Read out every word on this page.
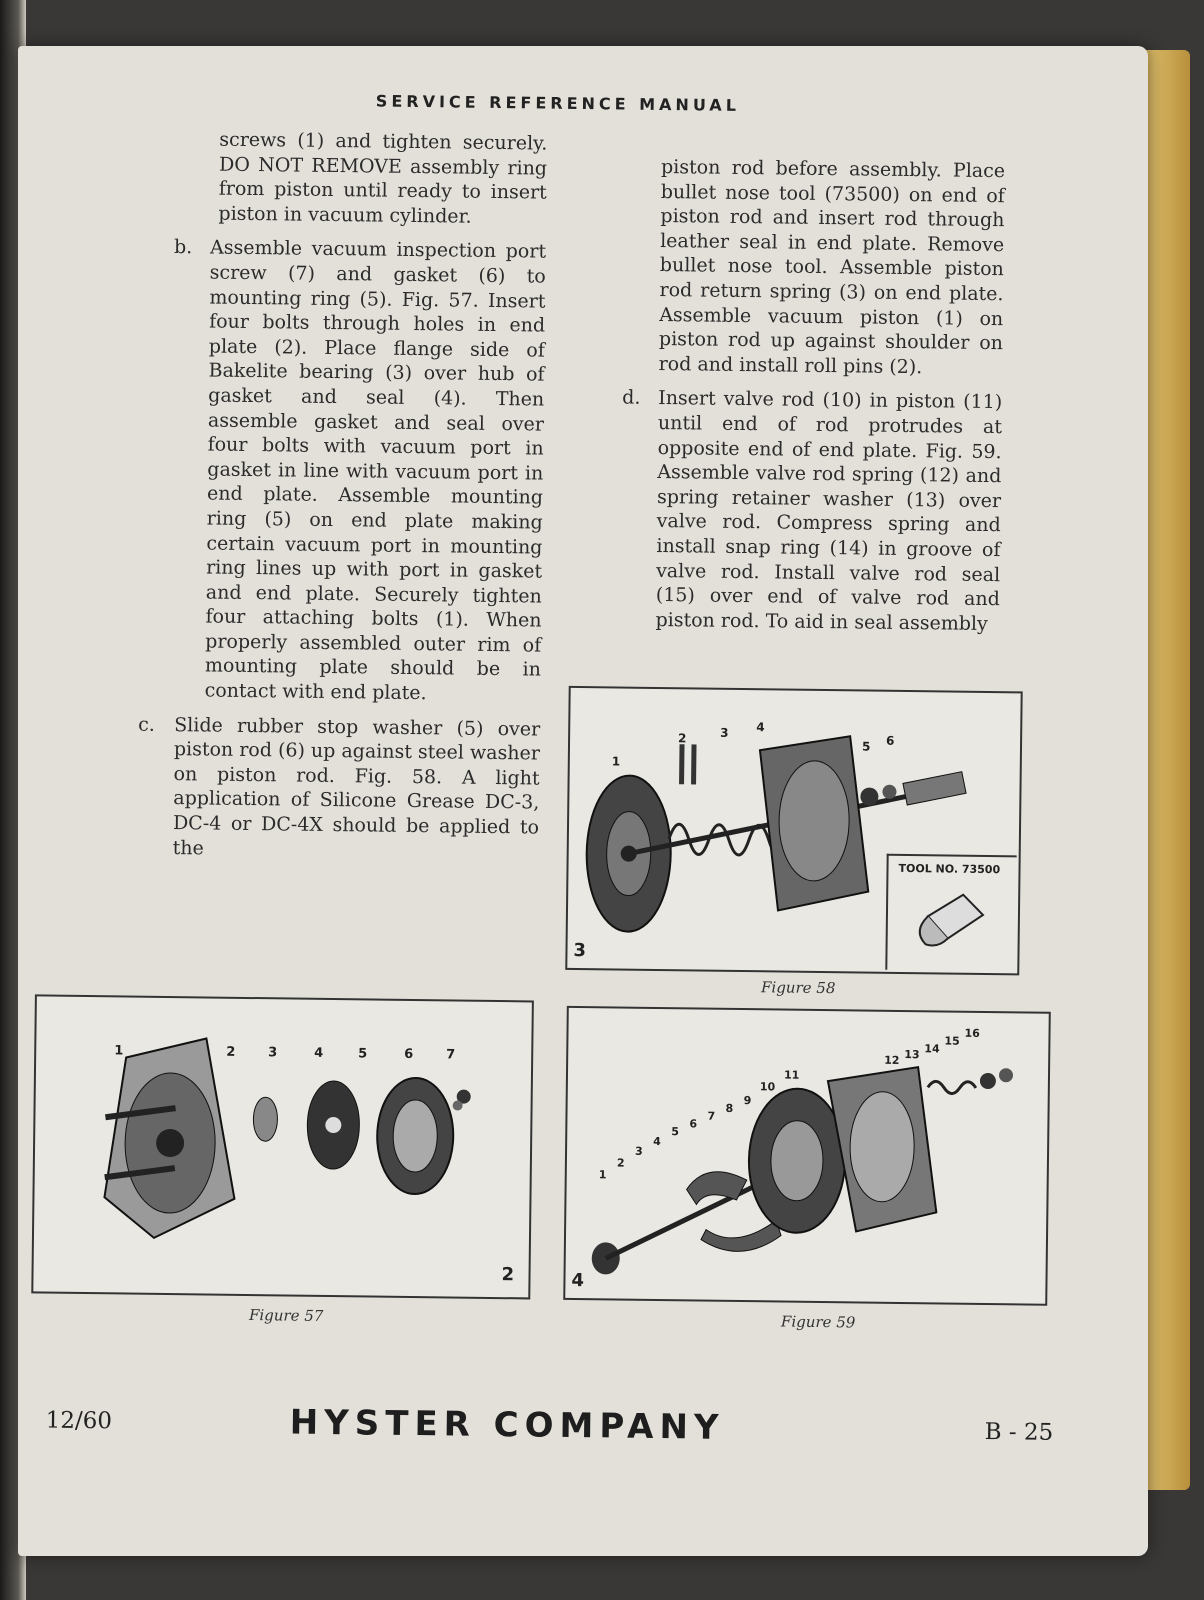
SERVICE REFERENCE MANUAL

screws (1) and tighten securely. DO NOT REMOVE assembly ring from piston until ready to insert piston in vacuum cylinder.

b. Assemble vacuum inspection port screw (7) and gasket (6) to mounting ring (5). Fig. 57. Insert four bolts through holes in end plate (2). Place flange side of Bakelite bearing (3) over hub of gasket and seal (4). Then assemble gasket and seal over four bolts with vacuum port in gasket in line with vacuum port in end plate. Assemble mounting ring (5) on end plate making certain vacuum port in mounting ring lines up with port in gasket and end plate. Securely tighten four attaching bolts (1). When properly assembled outer rim of mounting plate should be in contact with end plate.
c. Slide rubber stop washer (5) over piston rod (6) up against steel washer on piston rod. Fig. 58. A light application of Silicone Grease DC-3, DC-4 or DC-4X should be applied to the

piston rod before assembly. Place bullet nose tool (73500) on end of piston rod and insert rod through leather seal in end plate. Remove bullet nose tool. Assemble piston rod return spring (3) on end plate. Assemble vacuum piston (1) on piston rod up against shoulder on rod and install roll pins (2).

d. Insert valve rod (10) in piston (11) until end of rod protrudes at opposite end of end plate. Fig. 59. Assemble valve rod spring (12) and spring retainer washer (13) over valve rod. Compress spring and install snap ring (14) in groove of valve rod. Install valve rod seal (15) over end of valve rod and piston rod. To aid in seal assembly
1
2	3 4
5 6
TOOL NO. 73500
3
Figure 58
1	2	3	4	5	6	7
2
Figure 57
1
2
3
4
5
6
7
8
9
10
11
12 13 14
15
16
4
Figure 59
12/60	HYSTER COMPANY	B - 25
